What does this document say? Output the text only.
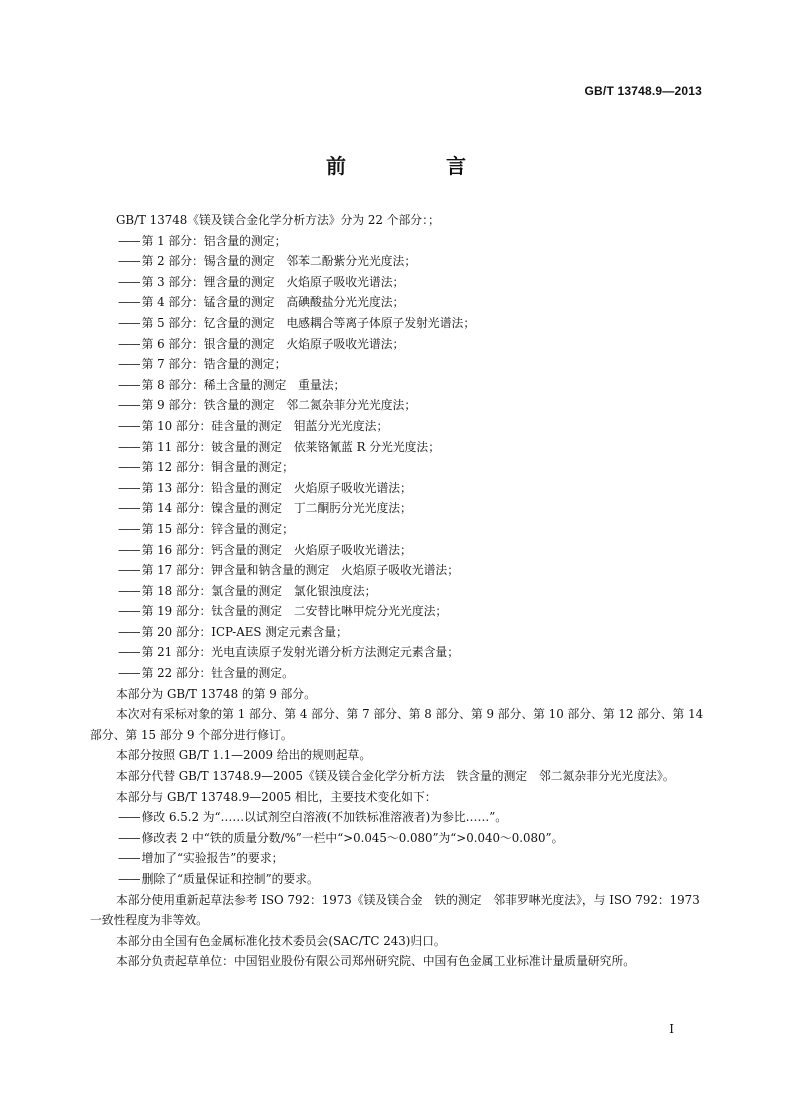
GB/T 13748.9—2013
前　言

GB/T 13748《镁及镁合金化学分析方法》分为 22 个部分：；

—— 第 1 部分：铝含量的测定；

—— 第 2 部分：锡含量的测定　邻苯二酚紫分光光度法；

—— 第 3 部分：锂含量的测定　火焰原子吸收光谱法；

—— 第 4 部分：锰含量的测定　高碘酸盐分光光度法；

—— 第 5 部分：钇含量的测定　电感耦合等离子体原子发射光谱法；

—— 第 6 部分：银含量的测定　火焰原子吸收光谱法；

—— 第 7 部分：锆含量的测定；

—— 第 8 部分：稀土含量的测定　重量法；

—— 第 9 部分：铁含量的测定　邻二氮杂菲分光光度法；

—— 第 10 部分：硅含量的测定　钼蓝分光光度法；

—— 第 11 部分：铍含量的测定　依莱铬氰蓝 R 分光光度法；

—— 第 12 部分：铜含量的测定；

—— 第 13 部分：铅含量的测定　火焰原子吸收光谱法；

—— 第 14 部分：镍含量的测定　丁二酮肟分光光度法；

—— 第 15 部分：锌含量的测定；

—— 第 16 部分：钙含量的测定　火焰原子吸收光谱法；

—— 第 17 部分：钾含量和钠含量的测定　火焰原子吸收光谱法；

—— 第 18 部分：氯含量的测定　氯化银浊度法；

—— 第 19 部分：钛含量的测定　二安替比啉甲烷分光光度法；

—— 第 20 部分：ICP-AES 测定元素含量；

—— 第 21 部分：光电直读原子发射光谱分析方法测定元素含量；

—— 第 22 部分：钍含量的测定。

本部分为 GB/T 13748 的第 9 部分。

本次对有采标对象的第 1 部分、第 4 部分、第 7 部分、第 8 部分、第 9 部分、第 10 部分、第 12 部分、第 14 部分、第 15 部分 9 个部分进行修订。

本部分按照 GB/T 1.1—2009 给出的规则起草。

本部分代替 GB/T 13748.9—2005《镁及镁合金化学分析方法　铁含量的测定　邻二氮杂菲分光光度法》。

本部分与 GB/T 13748.9—2005 相比，主要技术变化如下：

—— 修改 6.5.2 为“……以试剂空白溶液(不加铁标准溶液者)为参比……”。

—— 修改表 2 中“铁的质量分数/%”一栏中“>0.045～0.080”为“>0.040～0.080”。

—— 增加了“实验报告”的要求；

—— 删除了“质量保证和控制”的要求。

本部分使用重新起草法参考 ISO 792：1973《镁及镁合金　铁的测定　邻菲罗啉光度法》，与 ISO 792：1973 一致性程度为非等效。

本部分由全国有色金属标准化技术委员会(SAC/TC 243)归口。

本部分负责起草单位：中国铝业股份有限公司郑州研究院、中国有色金属工业标准计量质量研究所。

I
